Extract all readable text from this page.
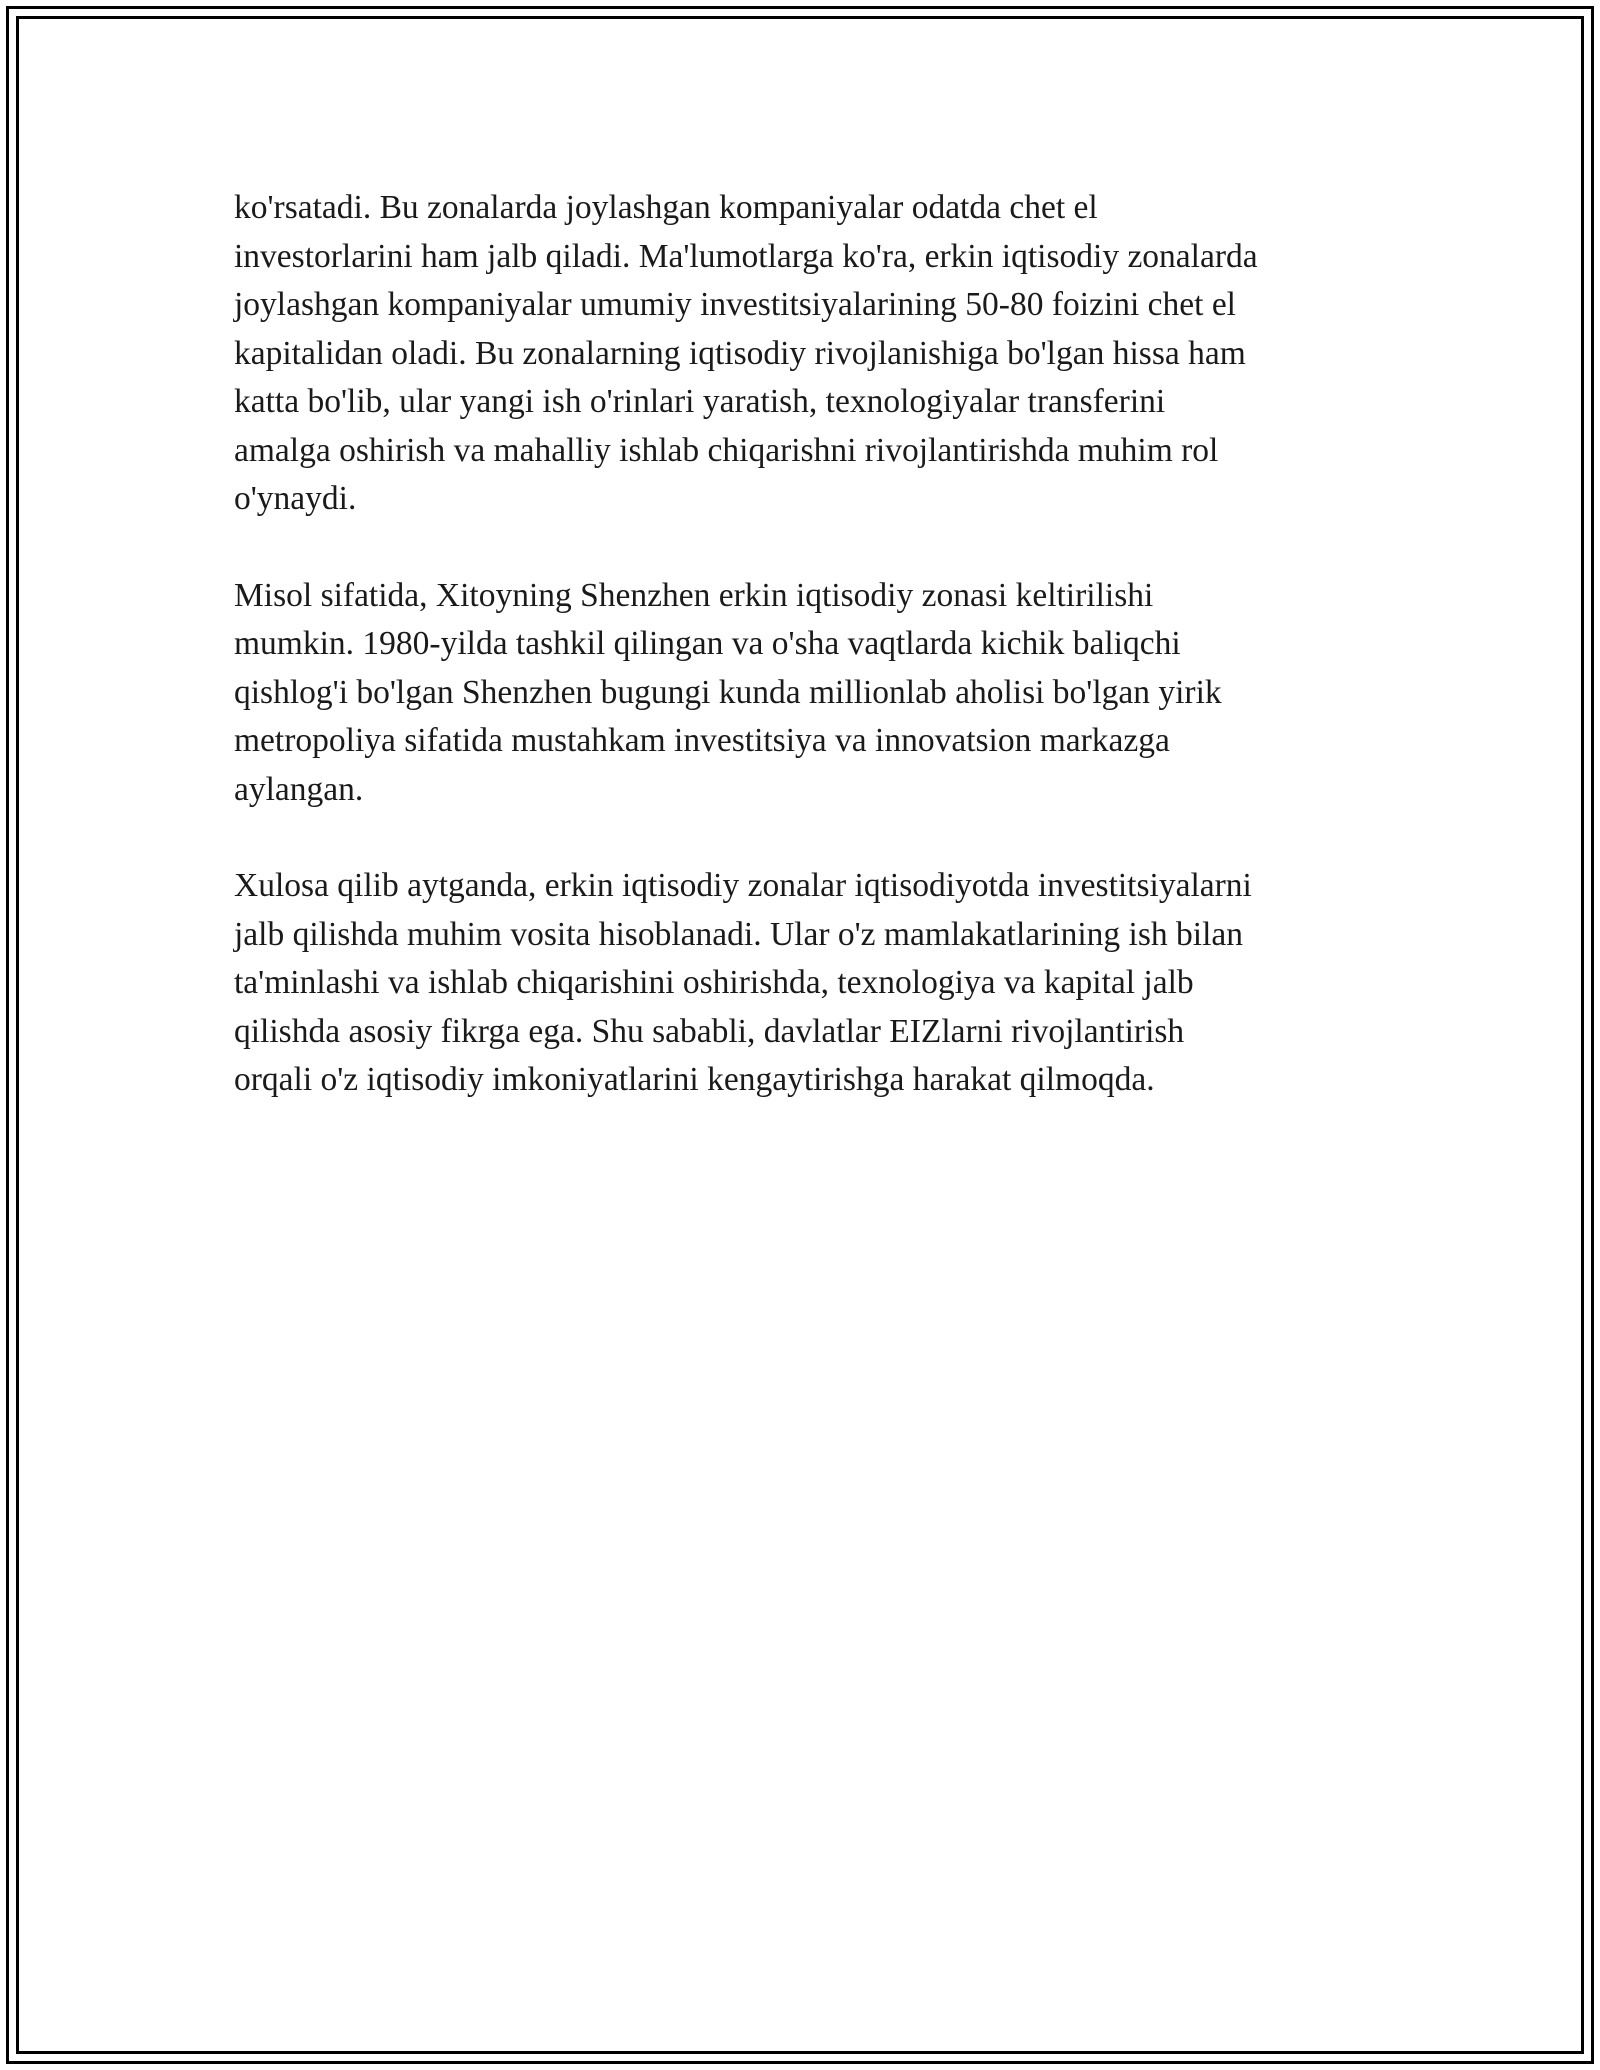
ko'rsatadi. Bu zonalarda joylashgan kompaniyalar odatda chet el
investorlarini ham jalb qiladi. Ma'lumotlarga ko'ra, erkin iqtisodiy zonalarda
joylashgan kompaniyalar umumiy investitsiyalarining 50-80 foizini chet el
kapitalidan oladi. Bu zonalarning iqtisodiy rivojlanishiga bo'lgan hissa ham
katta bo'lib, ular yangi ish o'rinlari yaratish, texnologiyalar transferini
amalga oshirish va mahalliy ishlab chiqarishni rivojlantirishda muhim rol
o'ynaydi.

Misol sifatida, Xitoyning Shenzhen erkin iqtisodiy zonasi keltirilishi
mumkin. 1980-yilda tashkil qilingan va o'sha vaqtlarda kichik baliqchi
qishlog'i bo'lgan Shenzhen bugungi kunda millionlab aholisi bo'lgan yirik
metropoliya sifatida mustahkam investitsiya va innovatsion markazga
aylangan.

Xulosa qilib aytganda, erkin iqtisodiy zonalar iqtisodiyotda investitsiyalarni
jalb qilishda muhim vosita hisoblanadi. Ular o'z mamlakatlarining ish bilan
ta'minlashi va ishlab chiqarishini oshirishda, texnologiya va kapital jalb
qilishda asosiy fikrga ega. Shu sababli, davlatlar EIZlarni rivojlantirish
orqali o'z iqtisodiy imkoniyatlarini kengaytirishga harakat qilmoqda.
